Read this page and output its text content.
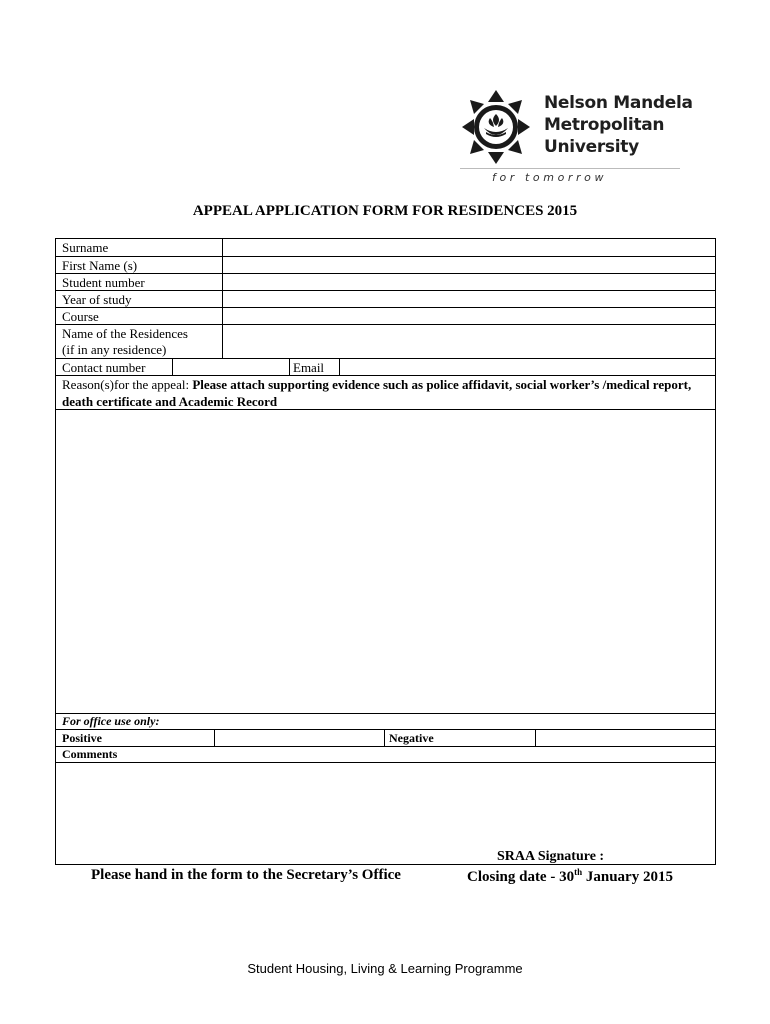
Nelson Mandela
Metropolitan
University
for tomorrow
APPEAL APPLICATION FORM FOR RESIDENCES 2015
Surname
First Name (s)
Student number
Year of study
Course
Name of the Residences
(if in any residence)
Contact number	Email
Reason(s)for the appeal: Please attach supporting evidence such as police affidavit, social worker’s /medical report, death certificate and Academic Record
For office use only:
Positive	Negative
Comments
SRAA Signature :
Please hand in the form to the Secretary’s Office	Closing date - 30th January 2015
Student Housing, Living & Learning Programme
